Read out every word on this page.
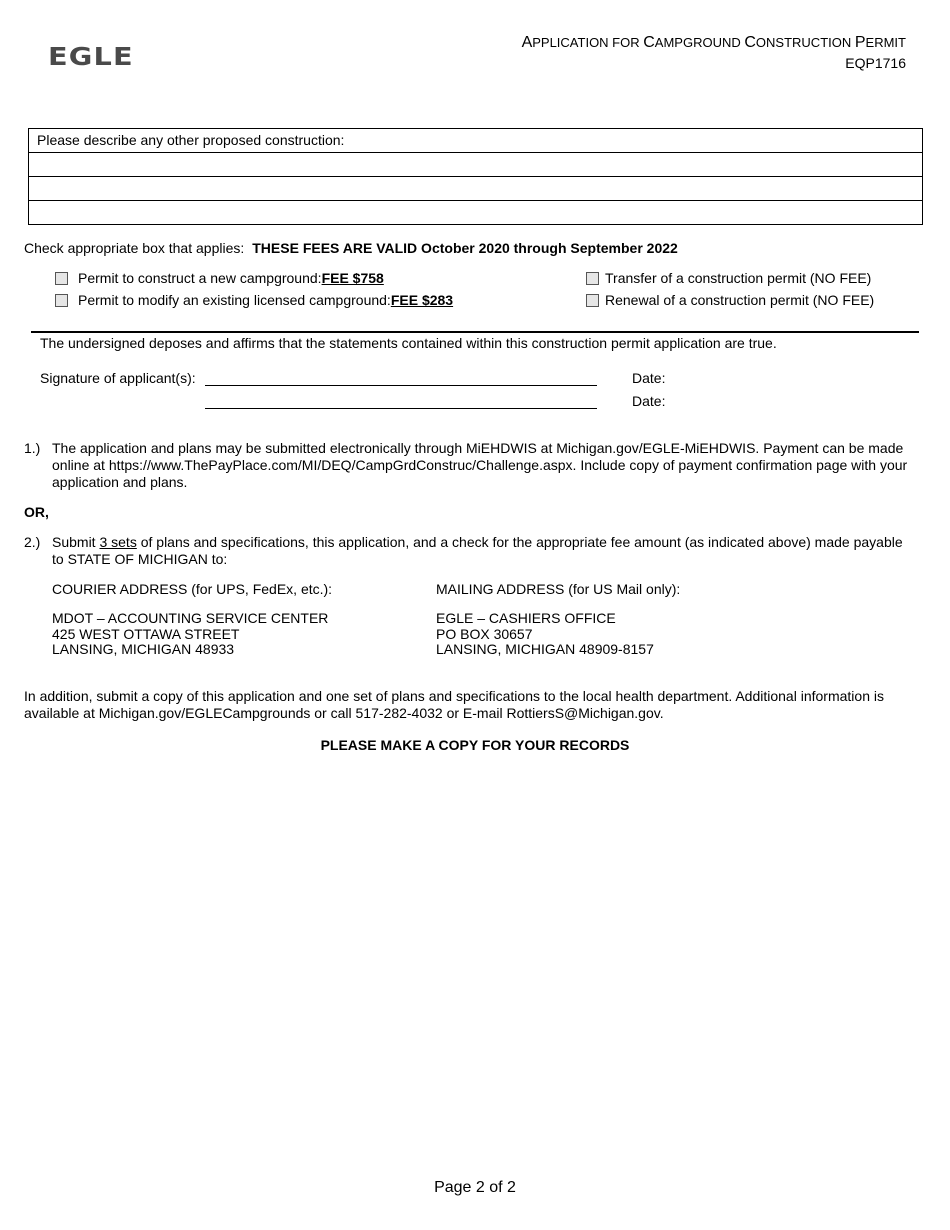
EGLE	APPLICATION FOR CAMPGROUND CONSTRUCTION PERMIT
EQP1716
Please describe any other proposed construction:
Check appropriate box that applies: THESE FEES ARE VALID October 2020 through September 2022
Permit to construct a new campground: FEE $758
Permit to modify an existing licensed campground: FEE $283
Transfer of a construction permit (NO FEE)
Renewal of a construction permit (NO FEE)
The undersigned deposes and affirms that the statements contained within this construction permit application are true.
Signature of applicant(s):	Date:
Date:
1.) The application and plans may be submitted electronically through MiEHDWIS at Michigan.gov/EGLE-MiEHDWIS. Payment can be made online at https://www.ThePayPlace.com/MI/DEQ/CampGrdConstruc/Challenge.aspx. Include copy of payment confirmation page with your application and plans.
OR,
2.) Submit 3 sets of plans and specifications, this application, and a check for the appropriate fee amount (as indicated above) made payable to STATE OF MICHIGAN to:
COURIER ADDRESS (for UPS, FedEx, etc.):
MDOT – ACCOUNTING SERVICE CENTER
425 WEST OTTAWA STREET
LANSING, MICHIGAN 48933
MAILING ADDRESS (for US Mail only):
EGLE – CASHIERS OFFICE
PO BOX 30657
LANSING, MICHIGAN 48909-8157
In addition, submit a copy of this application and one set of plans and specifications to the local health department. Additional information is available at Michigan.gov/EGLECampgrounds or call 517-282-4032 or E-mail RottiersS@Michigan.gov.
PLEASE MAKE A COPY FOR YOUR RECORDS
Page 2 of 2
